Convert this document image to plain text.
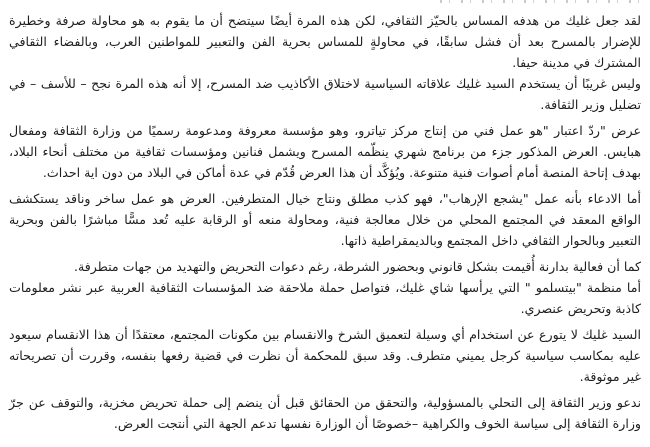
لقد جعل غليك من هدفه المساس بالحيّز الثقافي، لكن هذه المرة أيضًا سيتضح أن ما يقوم به هو محاولة صرفة وخطيرة للإضرار بالمسرح بعد أن فشل سابقًا، في محاولةٍ للمساس بحرية الفن والتعبير للمواطنين العرب، وبالفضاء الثقافي المشترك في مدينة حيفا.

وليس غريبًا أن يستخدم السيد غليك علاقاته السياسية لاختلاق الأكاذيب ضد المسرح، إلا أنه هذه المرة نجح – للأسف – في تضليل وزير الثقافة.

عرض "ردّ اعتبار "هو عمل فني من إنتاج مركز تياترو، وهو مؤسسة معروفة ومدعومة رسميًا من وزارة الثقافة ومفعال هبايس. العرض المذكور جزء من برنامج شهري ينظّمه المسرح ويشمل فنانين ومؤسسات ثقافية من مختلف أنحاء البلاد، بهدف إتاحة المنصة أمام أصوات فنية متنوعة. ويُؤكَّد أن هذا العرض قُدّم في عدة أماكن في البلاد من دون اية احداث.

أما الادعاء بأنه عمل "يشجع الإرهاب"، فهو كذب مطلق ونتاج خيال المتطرفين. العرض هو عمل ساخر وناقد يستكشف الواقع المعقد في المجتمع المحلي من خلال معالجة فنية، ومحاولة منعه أو الرقابة عليه تُعد مسًّا مباشرًا بالفن وبحرية التعبير وبالحوار الثقافي داخل المجتمع وبالديمقراطية ذاتها.

كما أن فعالية بدارنة أُقيمت بشكل قانوني وبحضور الشرطة، رغم دعوات التحريض والتهديد من جهات متطرفة.

أما منظمة "بيتسلمو " التي يرأسها شاي غليك، فتواصل حملة ملاحقة ضد المؤسسات الثقافية العربية عبر نشر معلومات كاذبة وتحريض عنصري.

السيد غليك لا يتورع عن استخدام أي وسيلة لتعميق الشرخ والانقسام بين مكونات المجتمع، معتقدًا أن هذا الانقسام سيعود عليه بمكاسب سياسية كرجل يميني متطرف. وقد سبق للمحكمة أن نظرت في قضية رفعها بنفسه، وقررت أن تصريحاته غير موثوقة.

ندعو وزير الثقافة إلى التحلي بالمسؤولية، والتحقق من الحقائق قبل أن ينضم إلى حملة تحريض مخزية، والتوقف عن جرّ وزارة الثقافة إلى سياسة الخوف والكراهية –خصوصًا أن الوزارة نفسها تدعم الجهة التي أنتجت العرض.
